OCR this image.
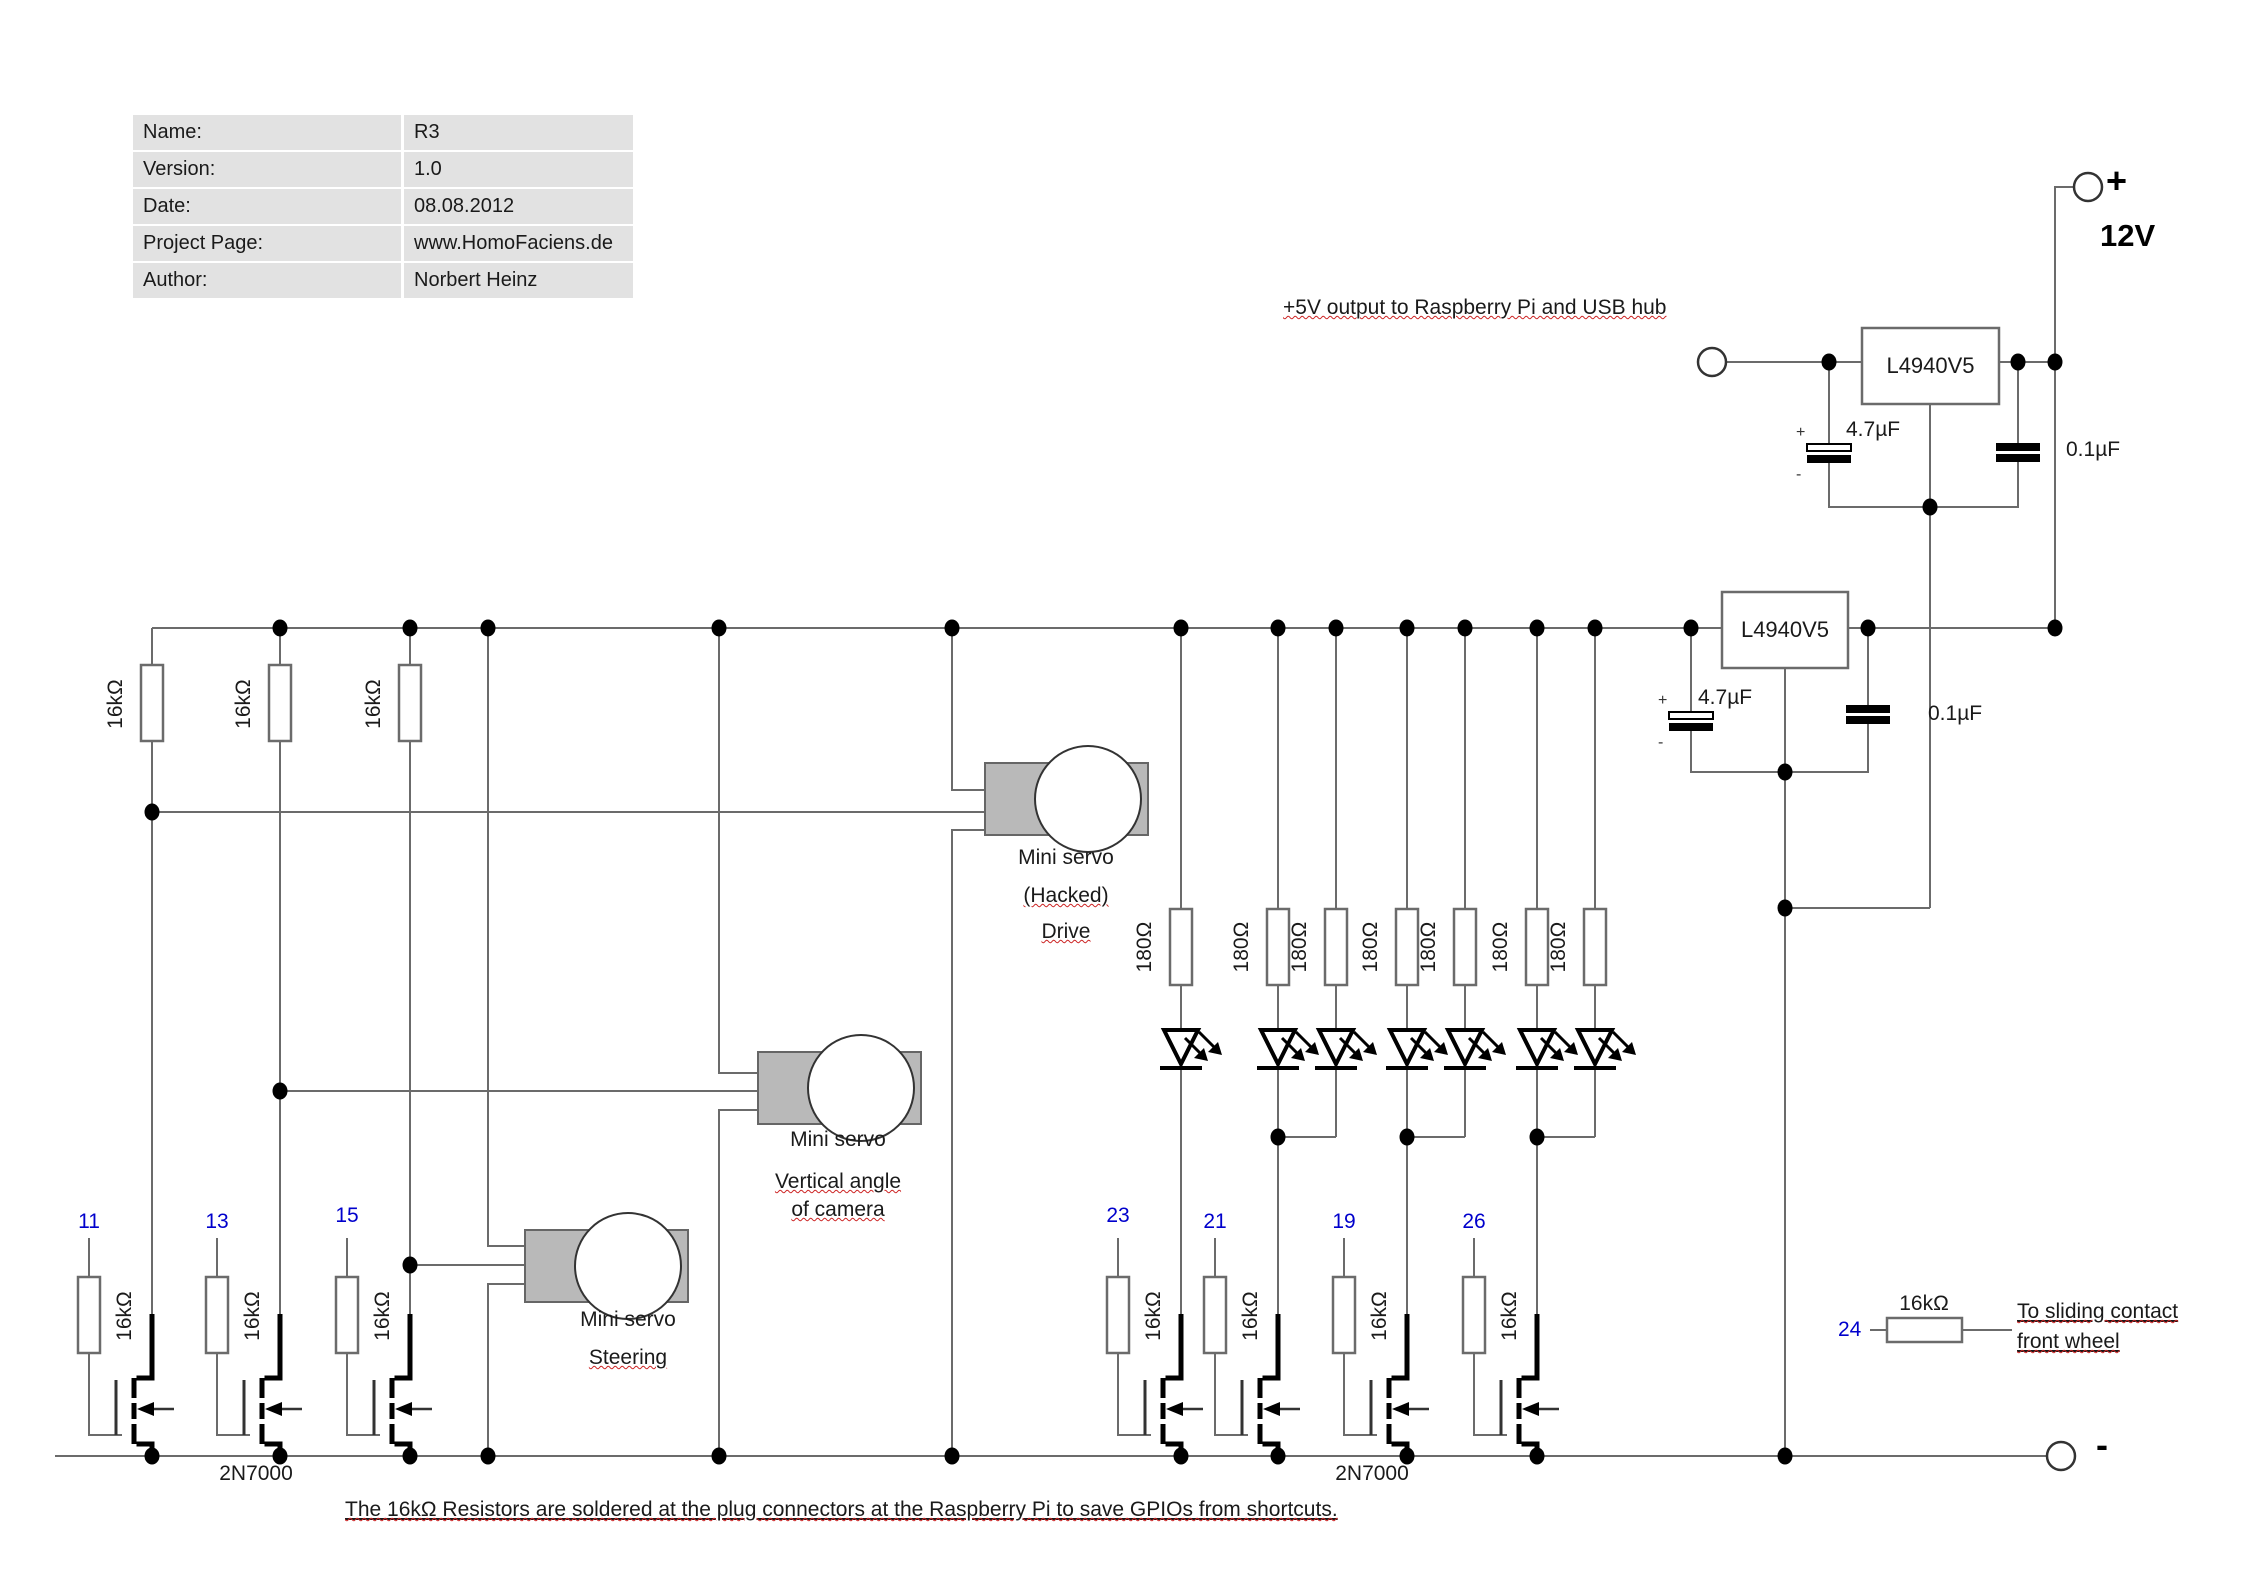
Name:	R3
Version:	1.0
Date:	08.08.2012
Project Page:	www.HomoFaciens.de
Author:	Norbert Heinz
+5V output to Raspberry Pi and USB hub
+
12V
-
L4940V5
L4940V5
4.7µF
0.1µF
4.7µF
0.1µF
+
-
+
-
16kΩ	16kΩ	16kΩ
180Ω	180Ω 180Ω 180Ω 180Ω 180Ω 180Ω
11	13	15	23	21	19	26
16kΩ	16kΩ	16kΩ	16kΩ	16kΩ	16kΩ	16kΩ
2N7000	2N7000
Mini servo
(Hacked)
Drive
Mini servo
Vertical angle
of camera
Mini servo
Steering
24
16kΩ	To sliding contact
front wheel
The 16kΩ Resistors are soldered at the plug connectors at the Raspberry Pi to save GPIOs from shortcuts.
